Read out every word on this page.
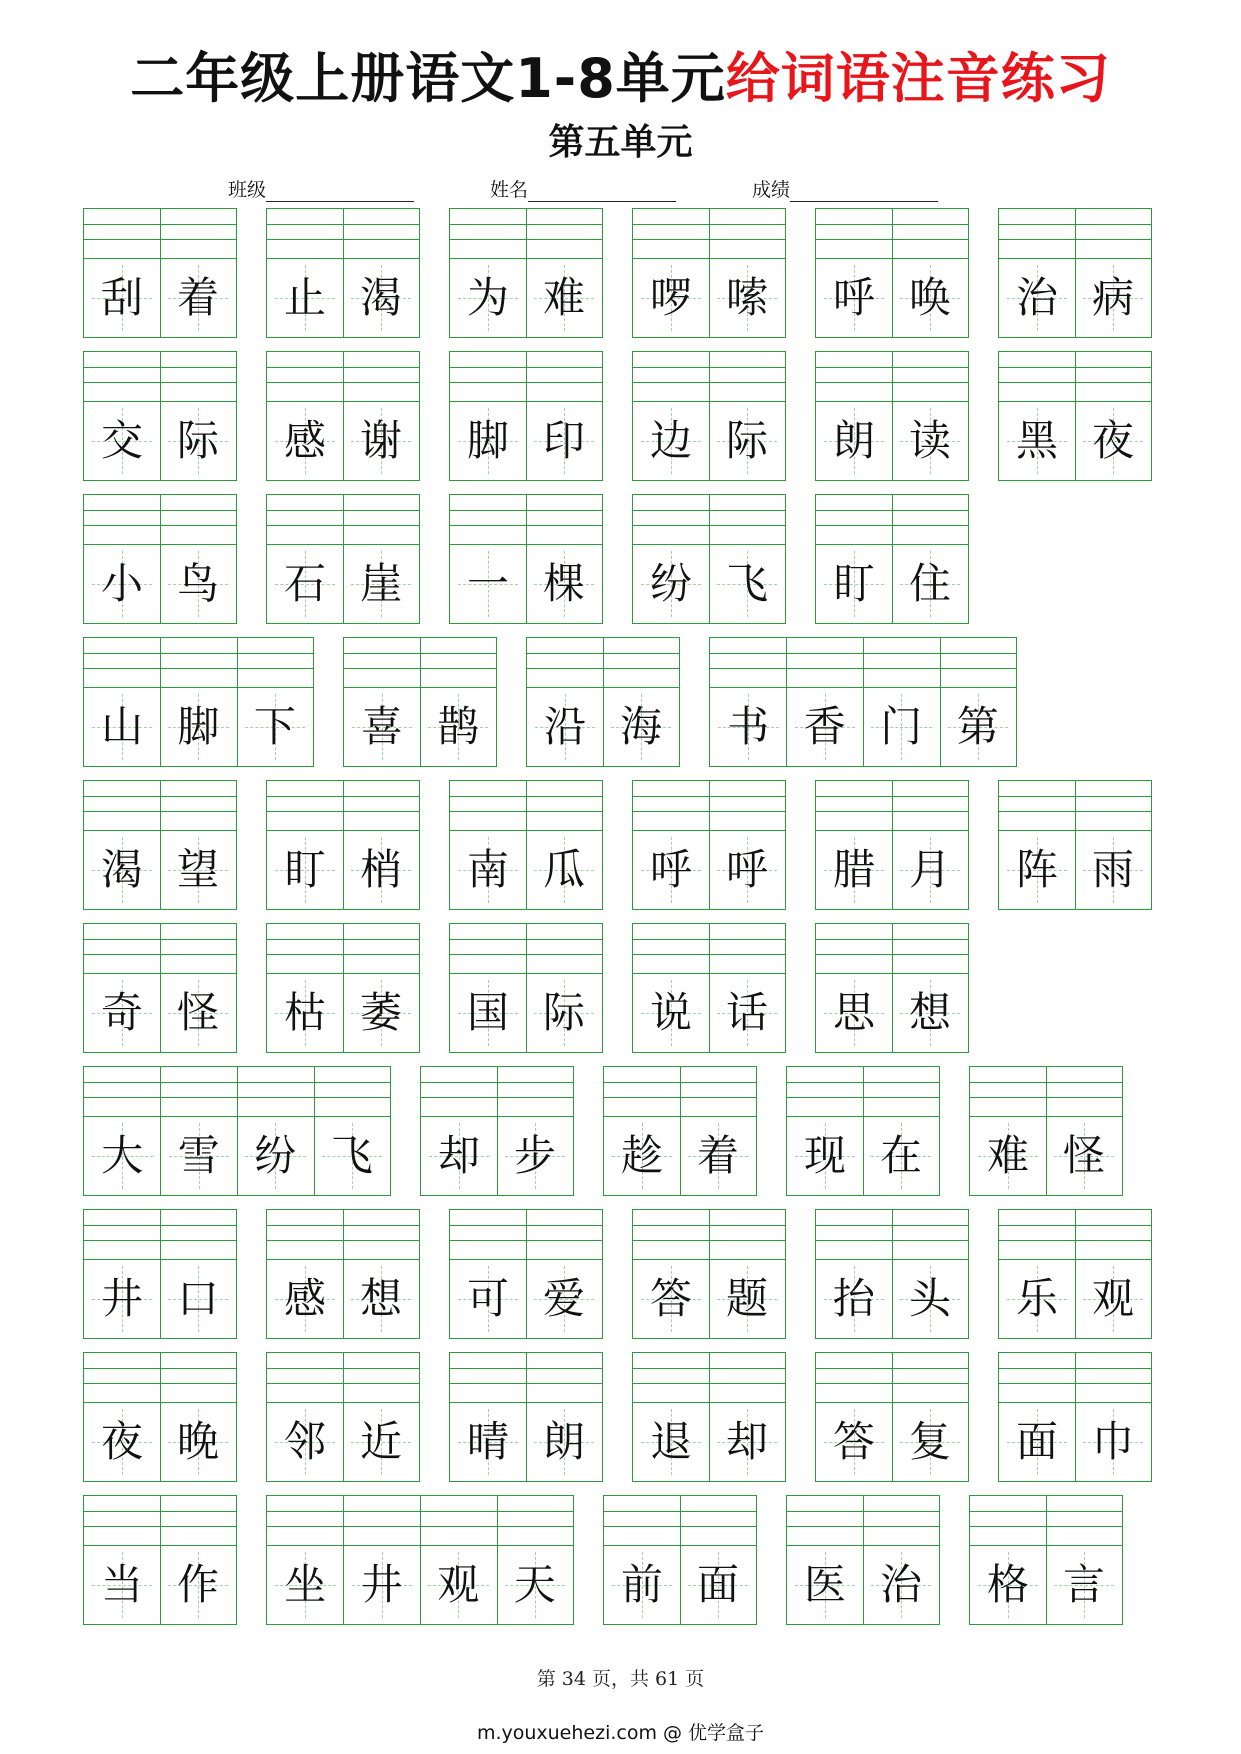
二年级上册语文1-8单元给词语注音练习
第五单元
班级	姓名	成绩
刮 着 止 渴 为 难 啰 嗦 呼 唤 治 病
交 际 感 谢 脚 印 边 际 朗 读 黑 夜
小 鸟 石 崖 一 棵 纷 飞 盯 住
山 脚 下 喜 鹊 沿 海 书 香 门 第
渴 望 盯 梢 南 瓜 呼 呼 腊 月 阵 雨
奇 怪 枯 萎 国 际 说 话 思 想
大 雪 纷 飞 却 步 趁 着 现 在 难 怪
井 口 感 想 可 爱 答 题 抬 头 乐 观
夜 晚 邻 近 晴 朗 退 却 答 复 面 巾
当 作 坐 井 观 天 前 面 医 治 格 言
第 34 页，共 61 页
m.youxuehezi.com @ 优学盒子
